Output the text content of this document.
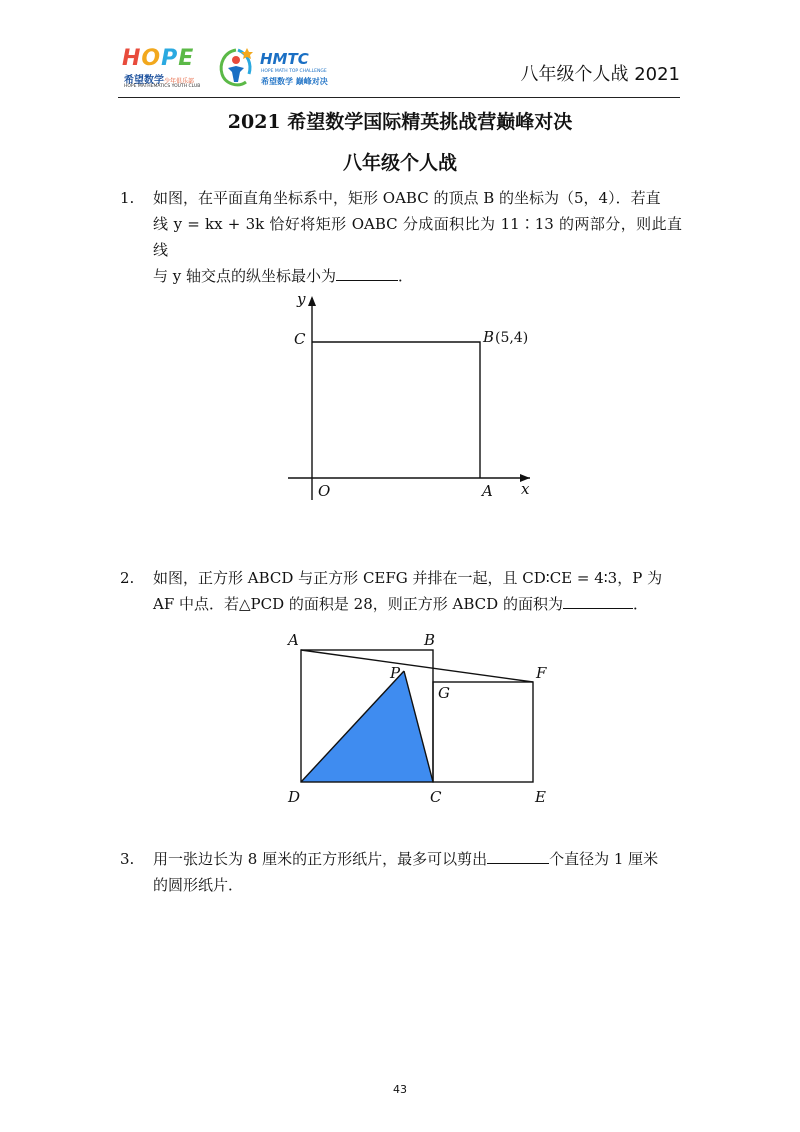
HOPE
希望数学少年俱乐部
HOPE MATHEMATICS YOUTH CLUB
HMTC
HOPE MATH TOP CHALLENGE
希望数学 巅峰对决	八年级个人战 2021
2021 希望数学国际精英挑战营巅峰对决
八年级个人战
1. 如图，在平面直角坐标系中，矩形 OABC 的顶点 B 的坐标为（5，4）．若直
线 y = kx + 3k 恰好将矩形 OABC 分成面积比为 11∶13 的两部分，则此直线
与 y 轴交点的纵坐标最小为	．
y
x
C	B (5,4)
O	A
2. 如图，正方形 ABCD 与正方形 CEFG 并排在一起，且 CD∶CE = 4∶3，P 为
AF 中点．若△PCD 的面积是 28，则正方形 ABCD 的面积为	．
A	B
P	F
G
D	C	E
3. 用一张边长为 8 厘米的正方形纸片，最多可以剪出	个直径为 1 厘米
的圆形纸片．
43
